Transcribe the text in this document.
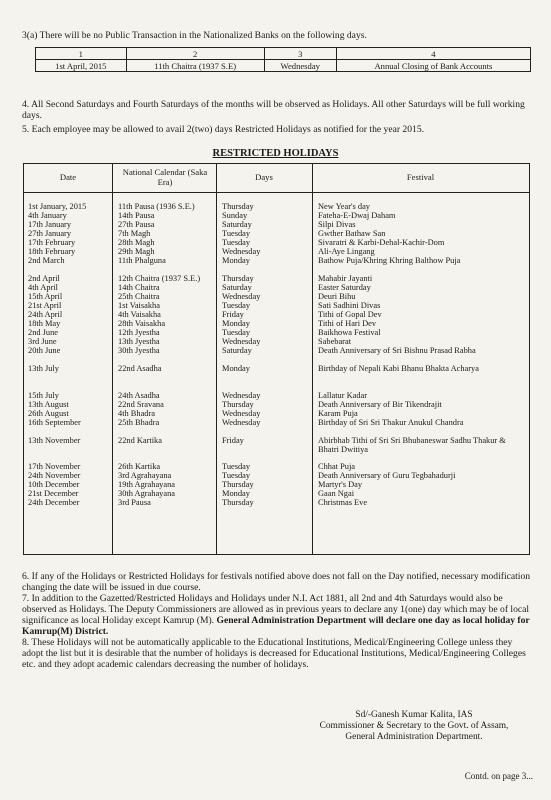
3(a) There will be no Public Transaction in the Nationalized Banks on the following days.
1	2	3	4
1st April, 2015	11th Chaitra (1937 S.E)	Wednesday	Annual Closing of Bank Accounts
4. All Second Saturdays and Fourth Saturdays of the months will be observed as Holidays. All other Saturdays will be full working days.
5. Each employee may be allowed to avail 2(two) days Restricted Holidays as notified for the year 2015.
RESTRICTED HOLIDAYS
Date	National Calendar (Saka Era)	Days	Festival
1st January, 2015	11th Pausa (1936 S.E.)	Thursday	New Year's day
4th January	14th Pausa	Sunday	Fateha-E-Dwaj Daham
17th January	27th Pausa	Saturday	Silpi Divas
27th January	7th Magh	Tuesday	Gwther Bathaw San
17th February	28th Magh	Tuesday	Sivaratri & Karbi-Dehal-Kachir-Dom
18th February	29th Magh	Wednesday	Ali-Aye Lingang
2nd March	11th Phalguna	Monday	Bathow Puja/Khring Khring Balthow Puja
2nd April	12th Chaitra (1937 S.E.)	Thursday	Mahabir Jayanti
4th April	14th Chaitra	Saturday	Easter Saturday
15th April	25th Chaitra	Wednesday	Deuri Bihu
21st April	1st Vaisakha	Tuesday	Sati Sadhini Divas
24th April	4th Vaisakha	Friday	Tithi of Gopal Dev
18th May	28th Vaisakha	Monday	Tithi of Hari Dev
2nd June	12th Jyestha	Tuesday	Baikhowa Festival
3rd June	13th Jyestha	Wednesday	Sabebarat
20th June	30th Jyestha	Saturday	Death Anniversary of Sri Bishnu Prasad Rabha
13th July	22nd Asadha	Monday	Birthday of Nepali Kabi Bhanu Bhakta Acharya
15th July	24th Asadha	Wednesday	Lallatur Kadar
13th August	22nd Sravana	Thursday	Death Anniversary of Bir Tikendrajit
26th August	4th Bhadra	Wednesday	Karam Puja
16th September	25th Bhadra	Wednesday	Birthday of Sri Sri Thakur Anukul Chandra
13th November	22nd Kartika	Friday	Abirbhab Tithi of Sri Sri Bhubaneswar Sadhu Thakur & Bhatri Dwitiya
17th November	26th Kartika	Tuesday	Chhat Puja
24th November	3rd Agrahayana	Tuesday	Death Anniversary of Guru Tegbahadurji
10th December	19th Agrahayana	Thursday	Martyr's Day
21st December	30th Agrahayana	Monday	Gaan Ngai
24th December	3rd Pausa	Thursday	Christmas Eve
6. If any of the Holidays or Restricted Holidays for festivals notified above does not fall on the Day notified, necessary modification changing the date will be issued in due course.
7. In addition to the Gazetted/Restricted Holidays and Holidays under N.I. Act 1881, all 2nd and 4th Saturdays would also be observed as Holidays. The Deputy Commissioners are allowed as in previous years to declare any 1(one) day which may be of local significance as local Holiday except Kamrup (M). General Administration Department will declare one day as local holiday for Kamrup(M) District.
8. These Holidays will not be automatically applicable to the Educational Institutions, Medical/Engineering College unless they adopt the list but it is desirable that the number of holidays is decreased for Educational Institutions, Medical/Engineering Colleges etc. and they adopt academic calendars decreasing the number of holidays.
Sd/-Ganesh Kumar Kalita, IAS
Commissioner & Secretary to the Govt. of Assam,
General Administration Department.
Contd. on page 3...
